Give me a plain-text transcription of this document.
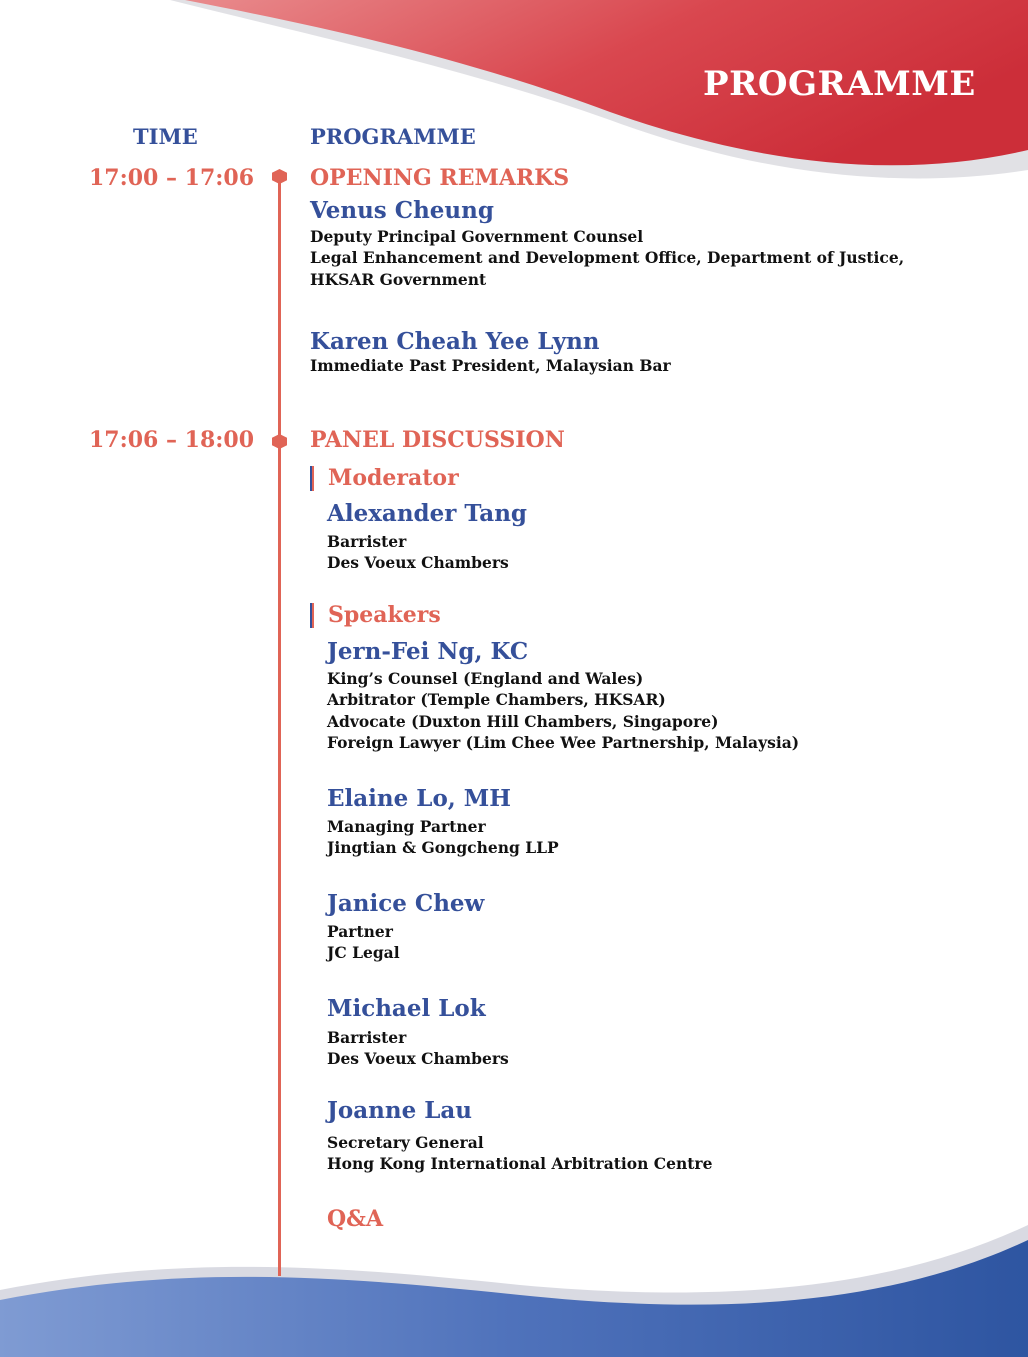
PROGRAMME
TIME	PROGRAMME
17:00 – 17:06	OPENING REMARKS
Venus Cheung
Deputy Principal Government Counsel
Legal Enhancement and Development Office, Department of Justice,
HKSAR Government
Karen Cheah Yee Lynn
Immediate Past President, Malaysian Bar
17:06 – 18:00	PANEL DISCUSSION
Moderator
Alexander Tang
Barrister
Des Voeux Chambers
Speakers
Jern-Fei Ng, KC
King’s Counsel (England and Wales)
Arbitrator (Temple Chambers, HKSAR)
Advocate (Duxton Hill Chambers, Singapore)
Foreign Lawyer (Lim Chee Wee Partnership, Malaysia)
Elaine Lo, MH
Managing Partner
Jingtian & Gongcheng LLP
Janice Chew
Partner
JC Legal
Michael Lok
Barrister
Des Voeux Chambers
Joanne Lau
Secretary General
Hong Kong International Arbitration Centre
Q&A
